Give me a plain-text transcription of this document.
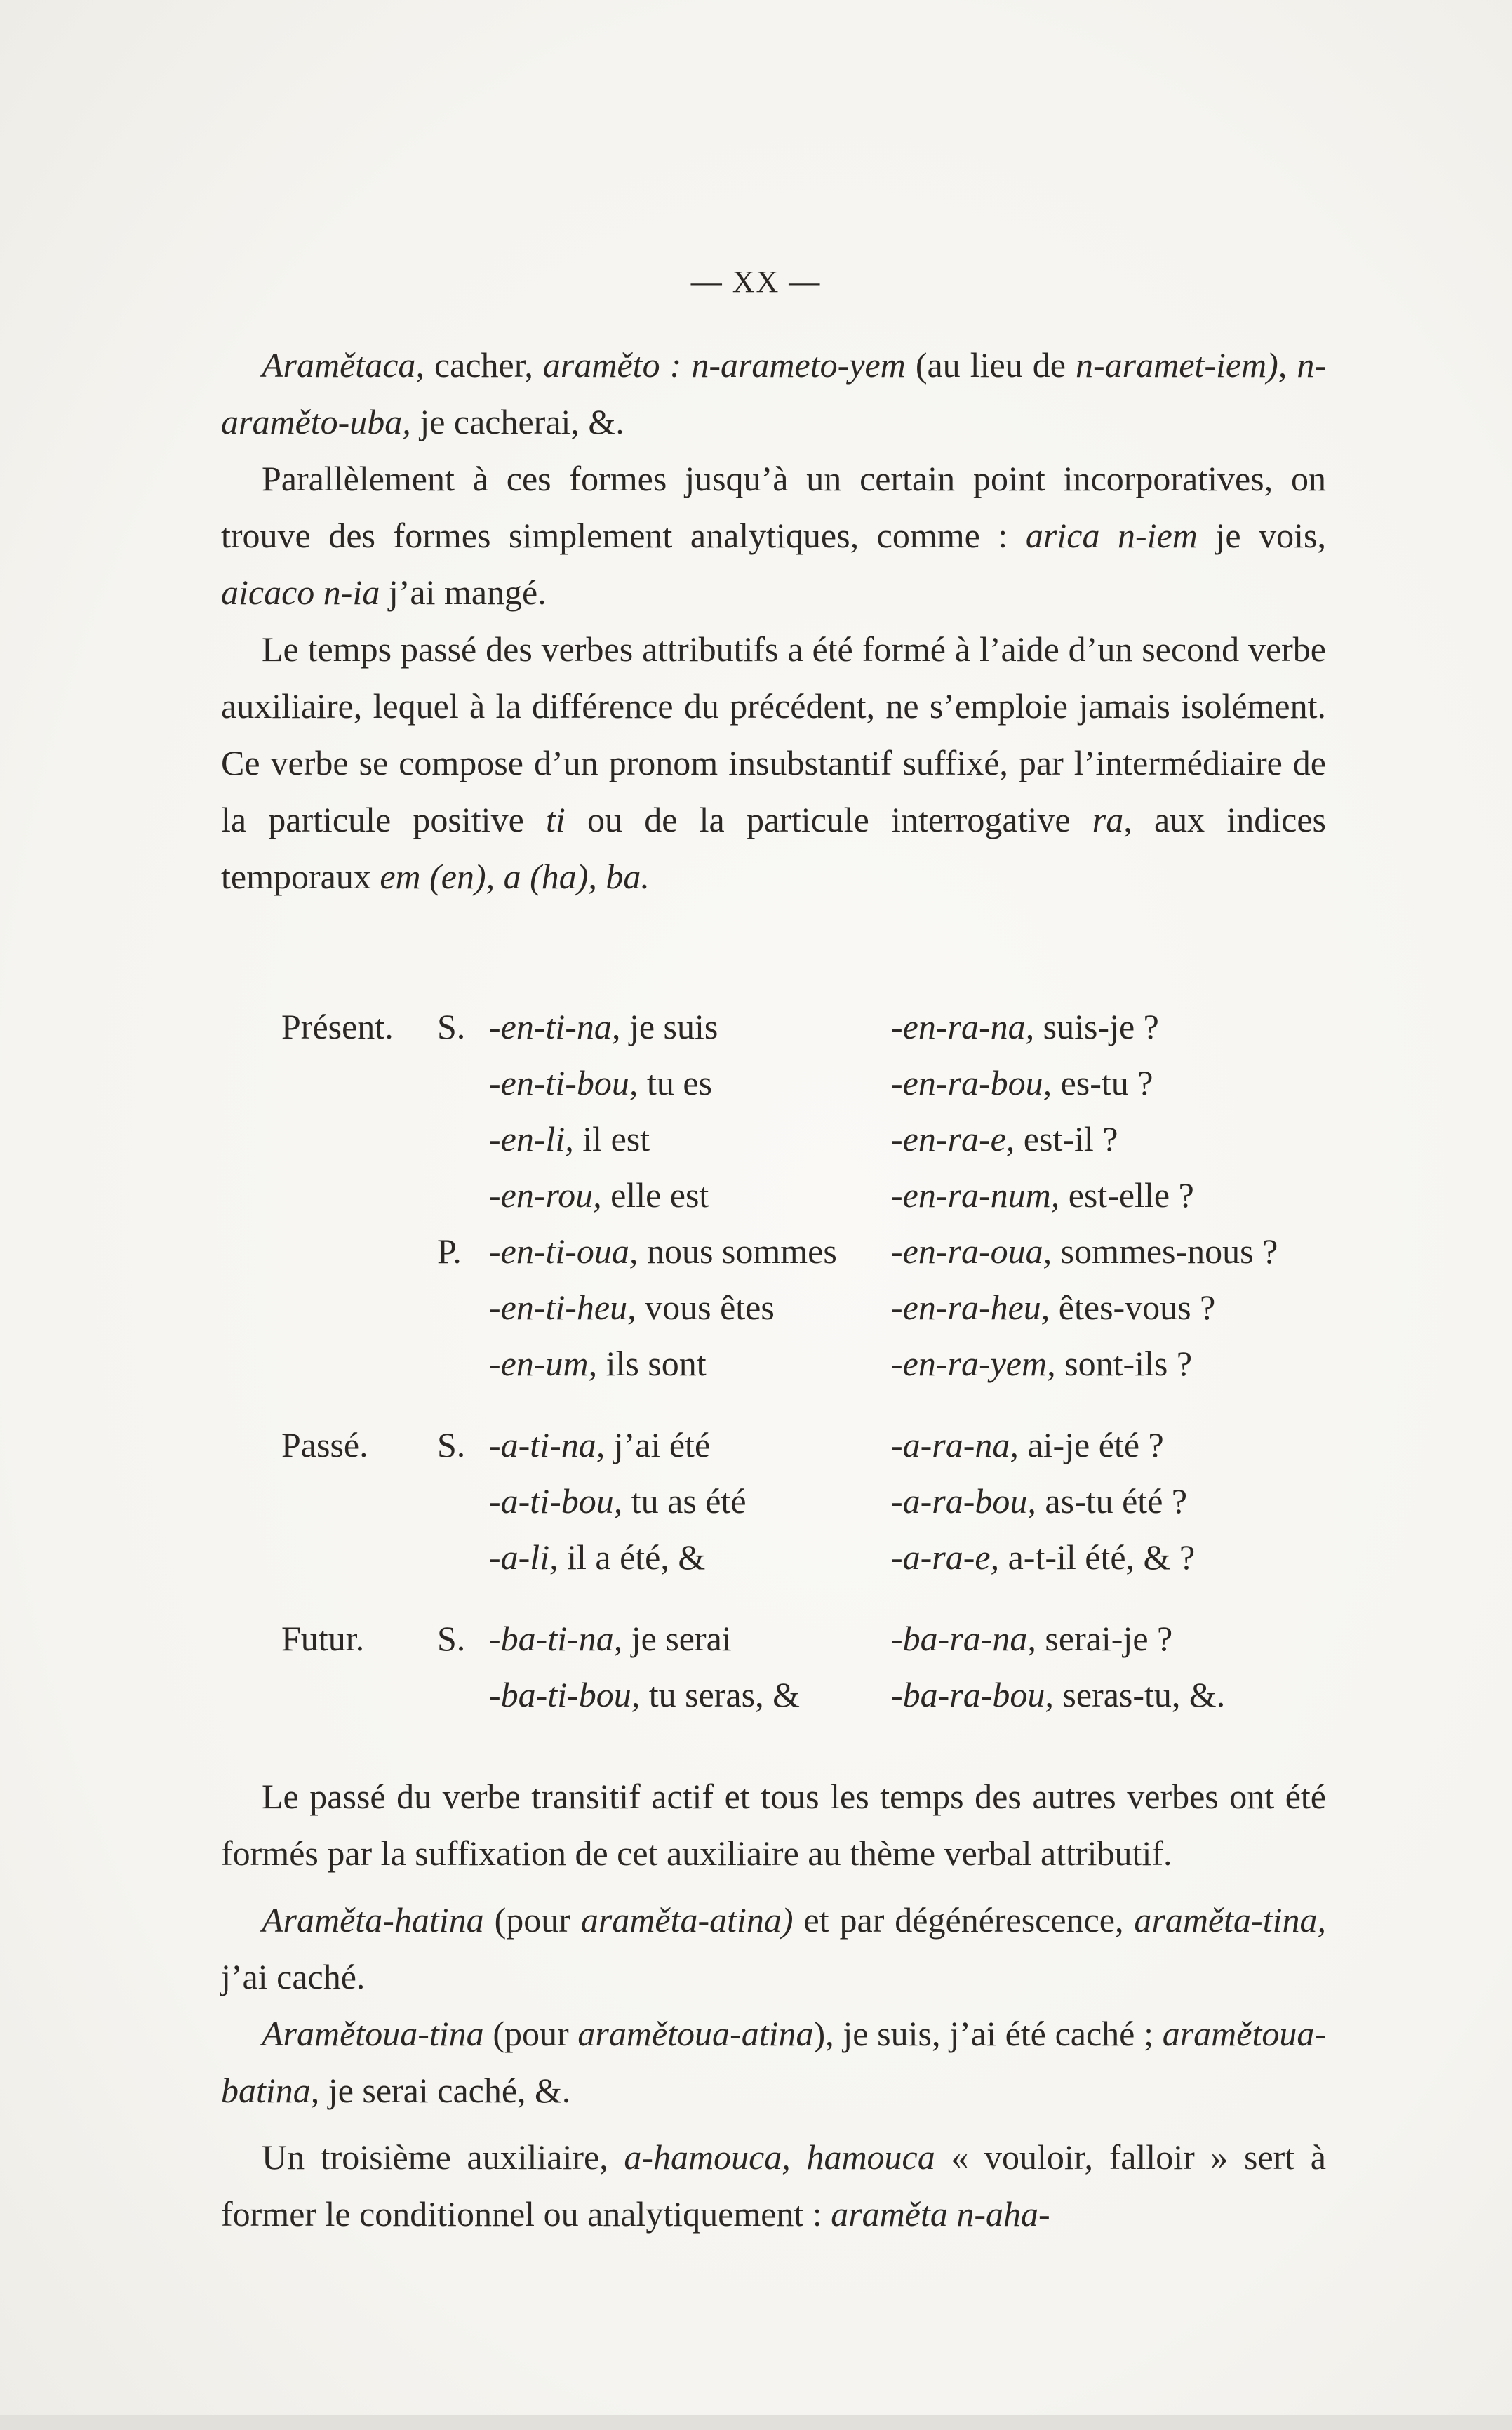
— XX —

Aramětaca, cacher, araměto : n-arameto-yem (au lieu de n-aramet-iem), n-araměto-uba, je cacherai, &.

Parallèlement à ces formes jusqu’à un certain point incorporatives, on trouve des formes simplement analytiques, comme : arica n-iem je vois, aicaco n-ia j’ai mangé.

Le temps passé des verbes attributifs a été formé à l’aide d’un second verbe auxiliaire, lequel à la différence du précédent, ne s’emploie jamais isolément. Ce verbe se compose d’un pronom insubstantif suffixé, par l’intermédiaire de la particule positive ti ou de la particule interrogative ra, aux indices temporaux em (en), a (ha), ba.

Présent. S. -en-ti-na, je suis	-en-ra-na, suis-je ?
-en-ti-bou, tu es	-en-ra-bou, es-tu ?
-en-li, il est	-en-ra-e, est-il ?
-en-rou, elle est	-en-ra-num, est-elle ?
P. -en-ti-oua, nous sommes -en-ra-oua, sommes-nous ?
-en-ti-heu, vous êtes	-en-ra-heu, êtes-vous ?
-en-um, ils sont	-en-ra-yem, sont-ils ?
Passé. S. -a-ti-na, j’ai été	-a-ra-na, ai-je été ?
-a-ti-bou, tu as été	-a-ra-bou, as-tu été ?
-a-li, il a été, &	-a-ra-e, a-t-il été, & ?
Futur. S. -ba-ti-na, je serai	-ba-ra-na, serai-je ?
-ba-ti-bou, tu seras, &	-ba-ra-bou, seras-tu, &.

Le passé du verbe transitif actif et tous les temps des autres verbes ont été formés par la suffixation de cet auxiliaire au thème verbal attributif.

Araměta-hatina (pour araměta-atina) et par dégénérescence, araměta-tina, j’ai caché.

Aramětoua-tina (pour aramětoua-atina), je suis, j’ai été caché ; aramětoua-batina, je serai caché, &.

Un troisième auxiliaire, a-hamouca, hamouca « vouloir, falloir » sert à former le conditionnel ou analytiquement : araměta n-aha-
